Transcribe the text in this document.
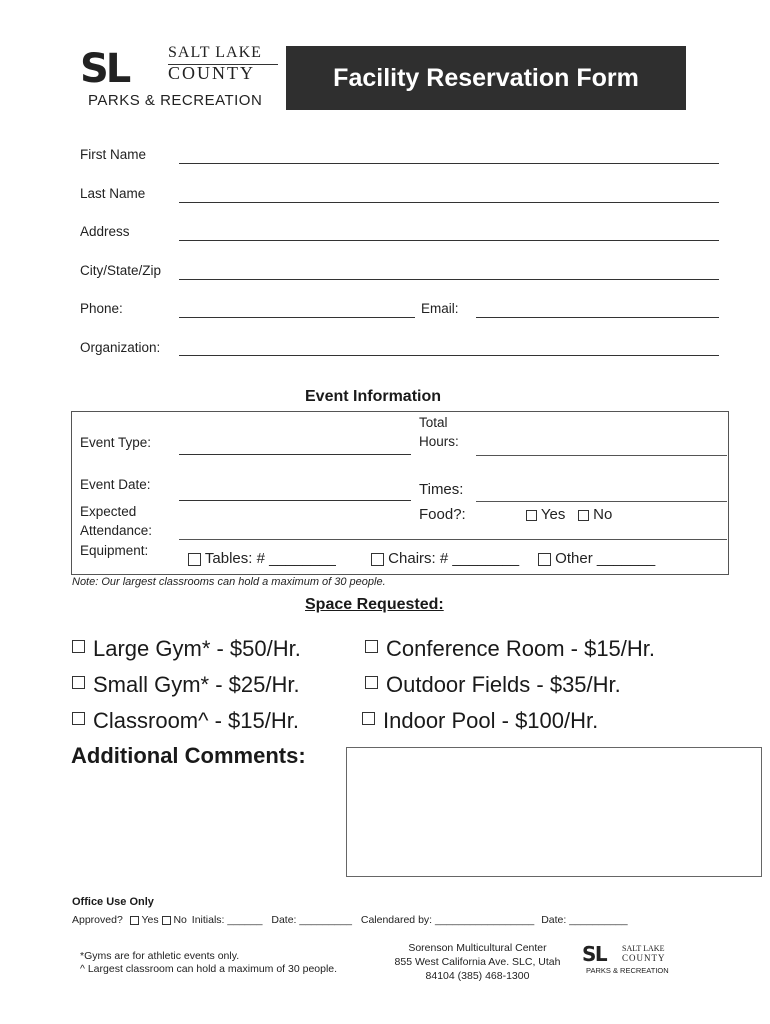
SL SALT LAKE
COUNTY
PARKS & RECREATION
Facility Reservation Form
First Name
Last Name
Address
City/State/Zip
Phone:	Email:
Organization:
Event Information
Event Type:
Total
Hours:
Event Date:	Times:
Expected
Attendance:
Food?:	Yes	No
Equipment:	Tables: # ________	Chairs: # ________	Other _______
Note: Our largest classrooms can hold a maximum of 30 people.
Space Requested:
Large Gym* - $50/Hr.	Conference Room - $15/Hr.
Small Gym* - $25/Hr.	Outdoor Fields - $35/Hr.
Classroom^ - $15/Hr.	Indoor Pool - $100/Hr.
Additional Comments:
Office Use Only
Approved? Yes No Initials: ______ Date: _________ Calendared by: _________________ Date: __________
*Gyms are for athletic events only.
^ Largest classroom can hold a maximum of 30 people.
Sorenson Multicultural Center
855 West California Ave. SLC, Utah
84104 (385) 468-1300
SL SALT LAKE
COUNTY
PARKS & RECREATION
